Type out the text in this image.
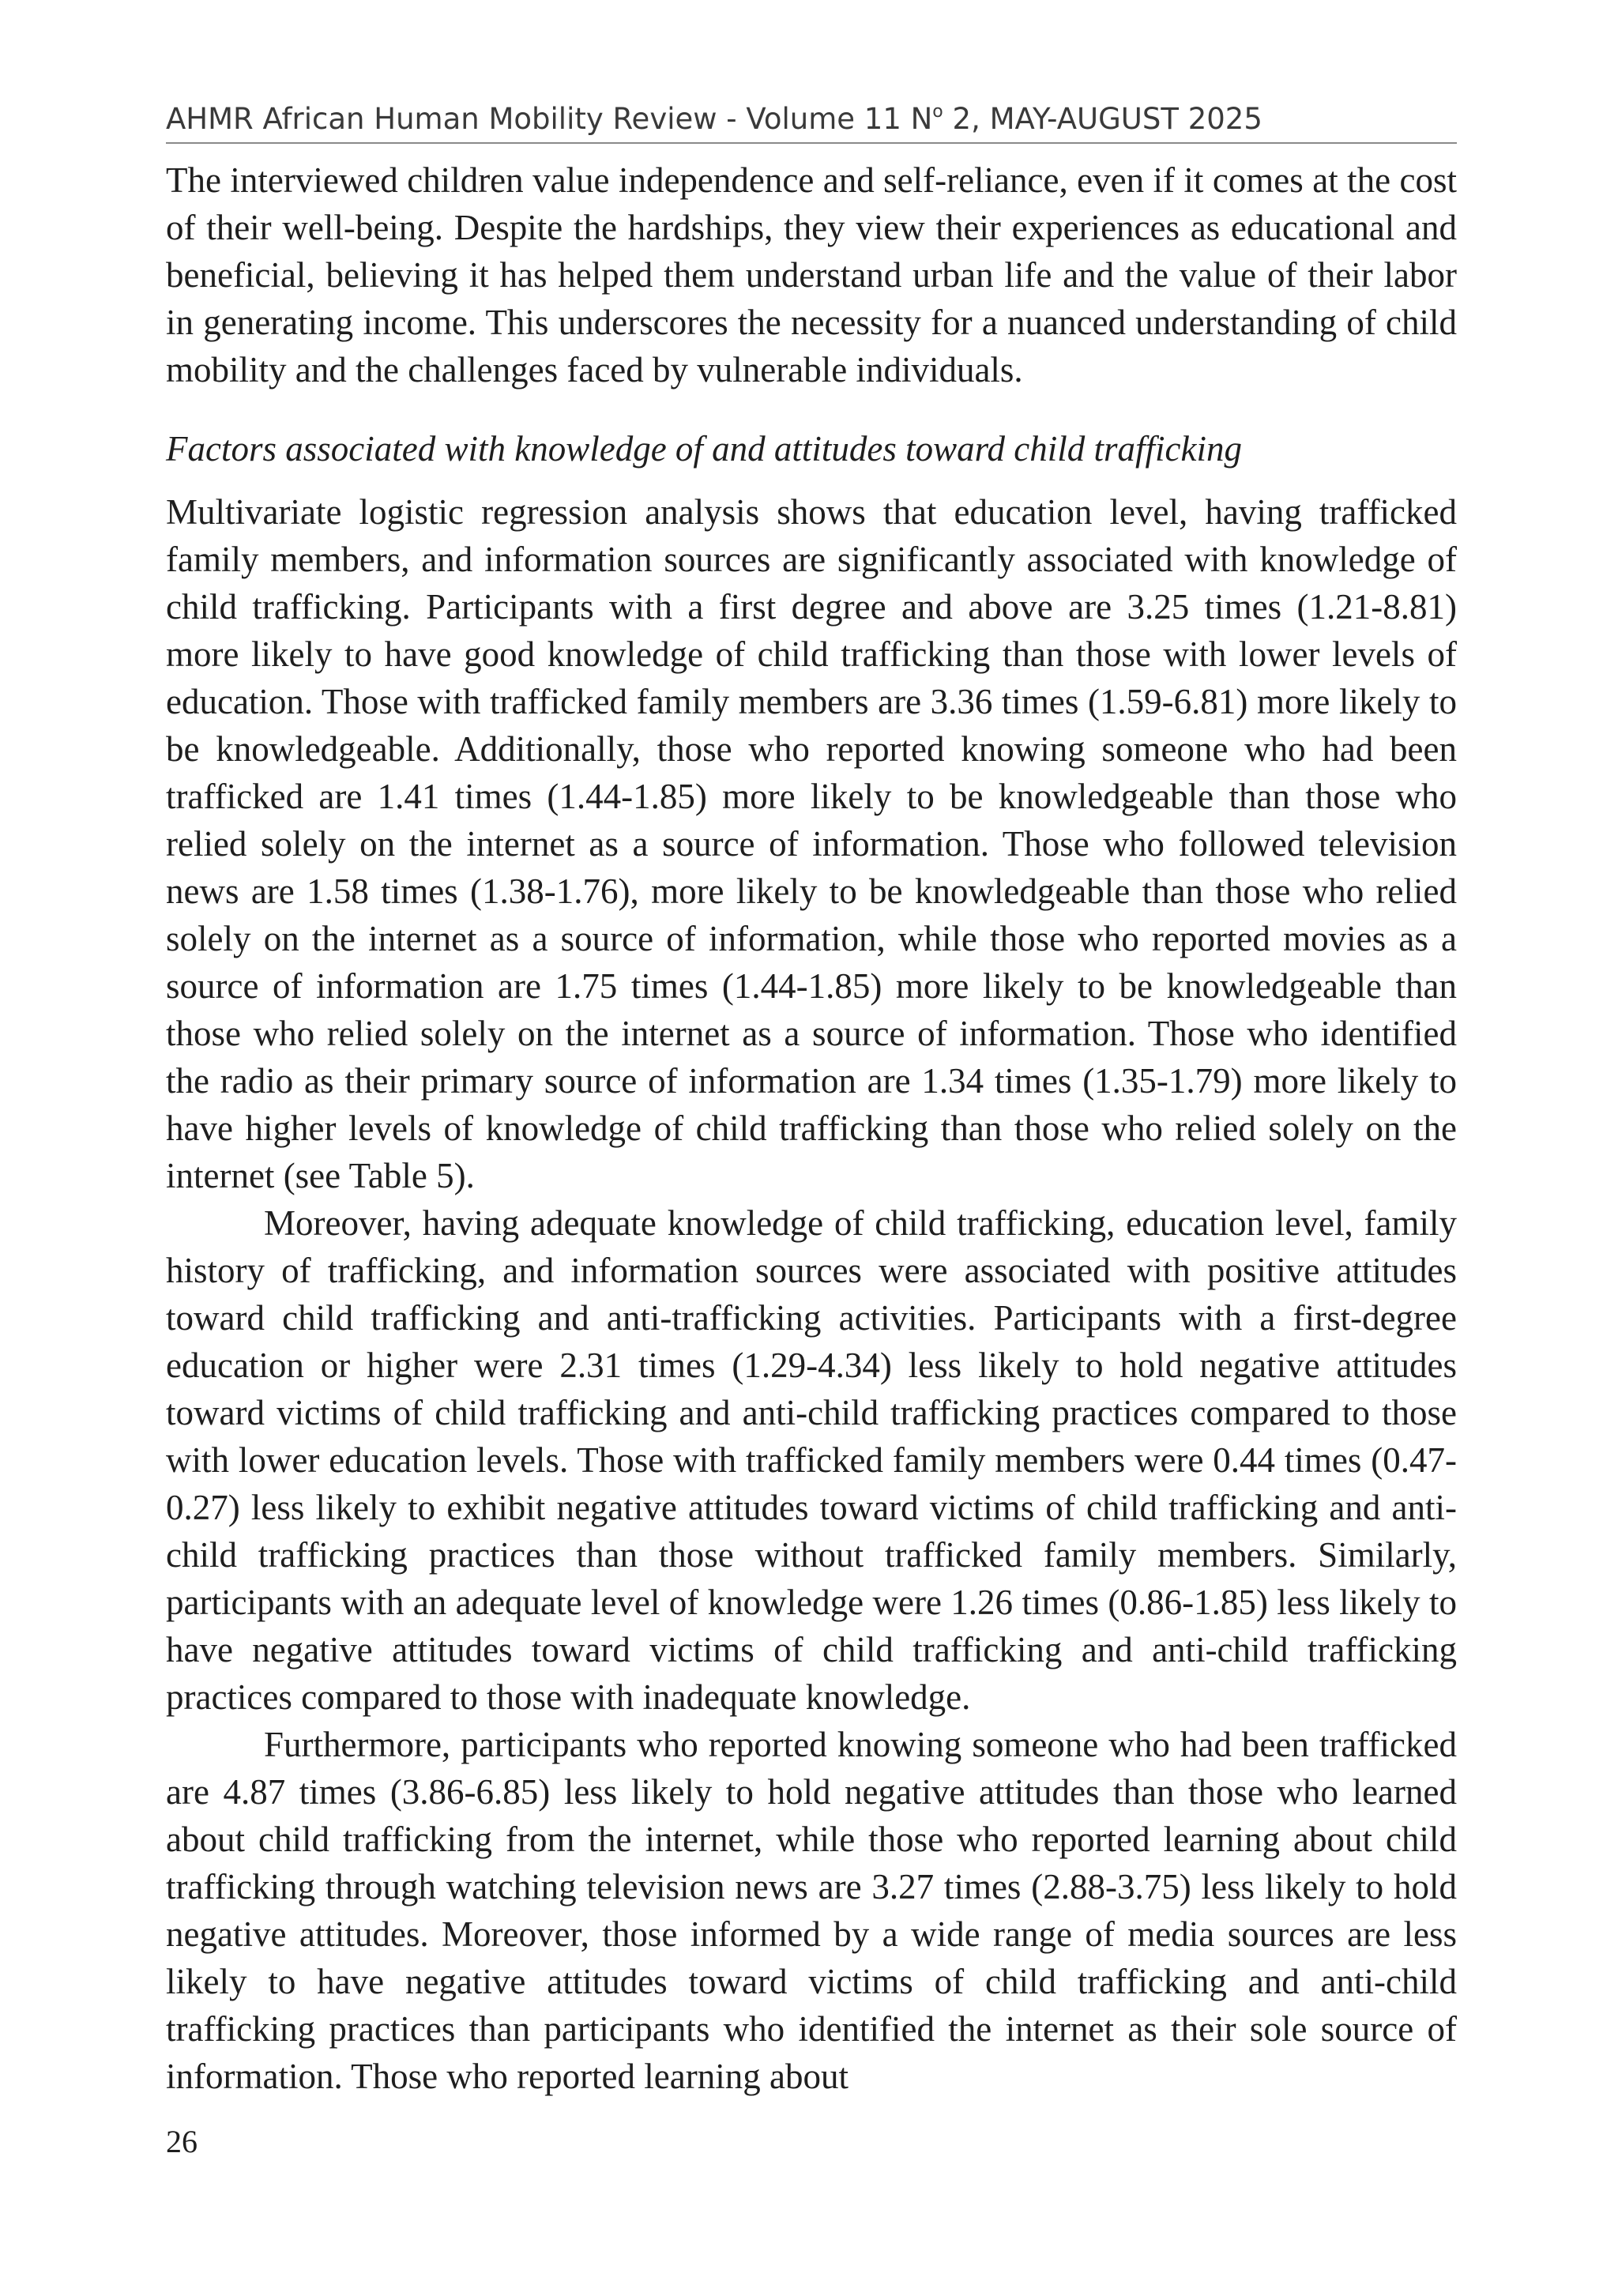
AHMR African Human Mobility Review - Volume 11 $N^o$ 2, MAY-AUGUST 2025

The interviewed children value independence and self-reliance, even if it comes at the cost of their well-being. Despite the hardships, they view their experiences as educational and beneficial, believing it has helped them understand urban life and the value of their labor in generating income. This underscores the necessity for a nuanced understanding of child mobility and the challenges faced by vulnerable individuals.

Factors associated with knowledge of and attitudes toward child trafficking

Multivariate logistic regression analysis shows that education level, having trafficked family members, and information sources are significantly associated with knowledge of child trafficking. Participants with a first degree and above are 3.25 times (1.21-8.81) more likely to have good knowledge of child trafficking than those with lower levels of education. Those with trafficked family members are 3.36 times (1.59-6.81) more likely to be knowledgeable. Additionally, those who reported knowing someone who had been trafficked are 1.41 times (1.44-1.85) more likely to be knowledgeable than those who relied solely on the internet as a source of information. Those who followed television news are 1.58 times (1.38-1.76), more likely to be knowledgeable than those who relied solely on the internet as a source of information, while those who reported movies as a source of information are 1.75 times (1.44-1.85) more likely to be knowledgeable than those who relied solely on the internet as a source of information. Those who identified the radio as their primary source of information are 1.34 times (1.35-1.79) more likely to have higher levels of knowledge of child trafficking than those who relied solely on the internet (see Table 5).

Moreover, having adequate knowledge of child trafficking, education level, family history of trafficking, and information sources were associated with positive attitudes toward child trafficking and anti-trafficking activities. Participants with a first-degree education or higher were 2.31 times (1.29-4.34) less likely to hold negative attitudes toward victims of child trafficking and anti-child trafficking practices compared to those with lower education levels. Those with trafficked family members were 0.44 times (0.47-0.27) less likely to exhibit negative attitudes toward victims of child trafficking and anti-child trafficking practices than those without trafficked family members. Similarly, participants with an adequate level of knowledge were 1.26 times (0.86-1.85) less likely to have negative attitudes toward victims of child trafficking and anti-child trafficking practices compared to those with inadequate knowledge.

Furthermore, participants who reported knowing someone who had been trafficked are 4.87 times (3.86-6.85) less likely to hold negative attitudes than those who learned about child trafficking from the internet, while those who reported learning about child trafficking through watching television news are 3.27 times (2.88-3.75) less likely to hold negative attitudes. Moreover, those informed by a wide range of media sources are less likely to have negative attitudes toward victims of child trafficking and anti-child trafficking practices than participants who identified the internet as their sole source of information. Those who reported learning about

26
